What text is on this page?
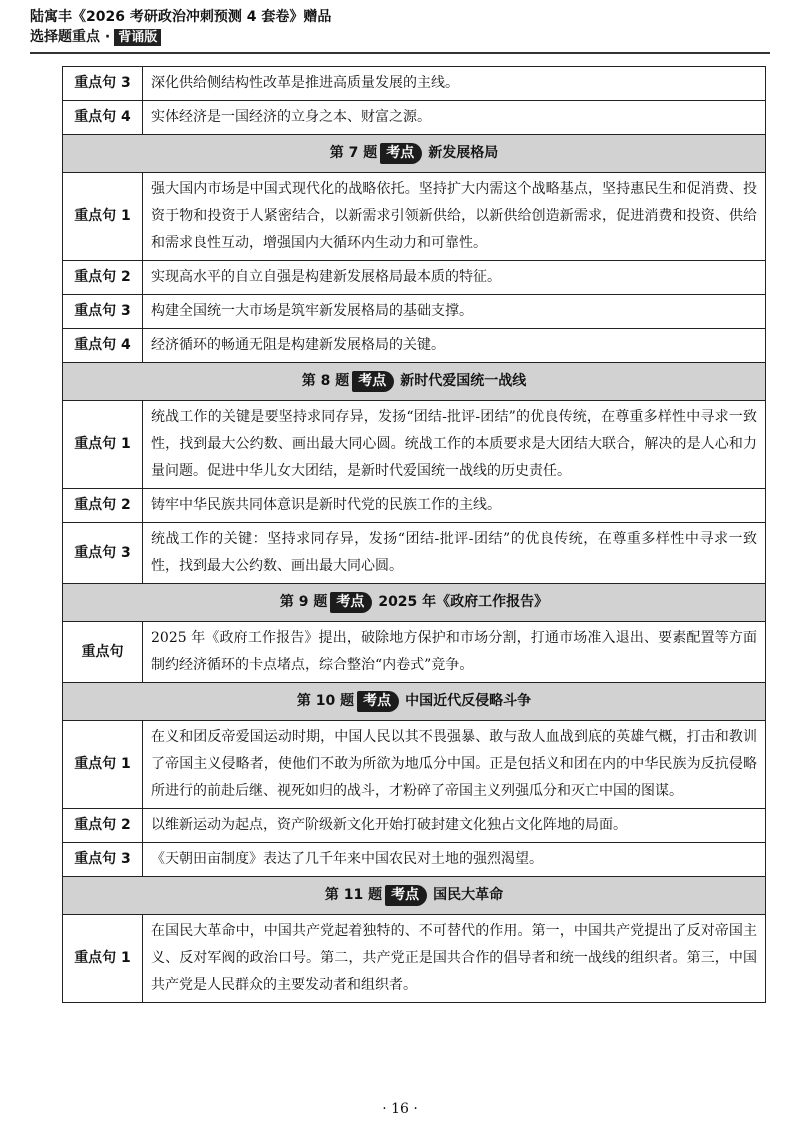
陆寓丰《2026 考研政治冲刺预测 4 套卷》赠品
选择题重点 · 背诵版
重点句 3	深化供给侧结构性改革是推进高质量发展的主线。
重点句 4	实体经济是一国经济的立身之本、财富之源。
第 7 题 考点 新发展格局	
重点句 1	强大国内市场是中国式现代化的战略依托。坚持扩大内需这个战略基点，坚持惠民生和促消费、投资于物和投资于人紧密结合，以新需求引领新供给，以新供给创造新需求，促进消费和投资、供给和需求良性互动，增强国内大循环内生动力和可靠性。
重点句 2	实现高水平的自立自强是构建新发展格局最本质的特征。
重点句 3	构建全国统一大市场是筑牢新发展格局的基础支撑。
重点句 4	经济循环的畅通无阻是构建新发展格局的关键。
第 8 题 考点 新时代爱国统一战线	
重点句 1	统战工作的关键是要坚持求同存异，发扬“团结-批评-团结”的优良传统，在尊重多样性中寻求一致性，找到最大公约数、画出最大同心圆。统战工作的本质要求是大团结大联合，解决的是人心和力量问题。促进中华儿女大团结，是新时代爱国统一战线的历史责任。
重点句 2	铸牢中华民族共同体意识是新时代党的民族工作的主线。
重点句 3	统战工作的关键：坚持求同存异，发扬“团结-批评-团结”的优良传统，在尊重多样性中寻求一致性，找到最大公约数、画出最大同心圆。
第 9 题 考点 2025 年《政府工作报告》	
重点句	2025 年《政府工作报告》提出，破除地方保护和市场分割，打通市场准入退出、要素配置等方面制约经济循环的卡点堵点，综合整治“内卷式”竞争。
第 10 题 考点 中国近代反侵略斗争	
重点句 1	在义和团反帝爱国运动时期，中国人民以其不畏强暴、敢与敌人血战到底的英雄气概，打击和教训了帝国主义侵略者，使他们不敢为所欲为地瓜分中国。正是包括义和团在内的中华民族为反抗侵略所进行的前赴后继、视死如归的战斗，才粉碎了帝国主义列强瓜分和灭亡中国的图谋。
重点句 2	以维新运动为起点，资产阶级新文化开始打破封建文化独占文化阵地的局面。
重点句 3	《天朝田亩制度》表达了几千年来中国农民对土地的强烈渴望。
第 11 题 考点 国民大革命	
重点句 1	在国民大革命中，中国共产党起着独特的、不可替代的作用。第一，中国共产党提出了反对帝国主义、反对军阀的政治口号。第二，共产党正是国共合作的倡导者和统一战线的组织者。第三，中国共产党是人民群众的主要发动者和组织者。
· 16 ·
